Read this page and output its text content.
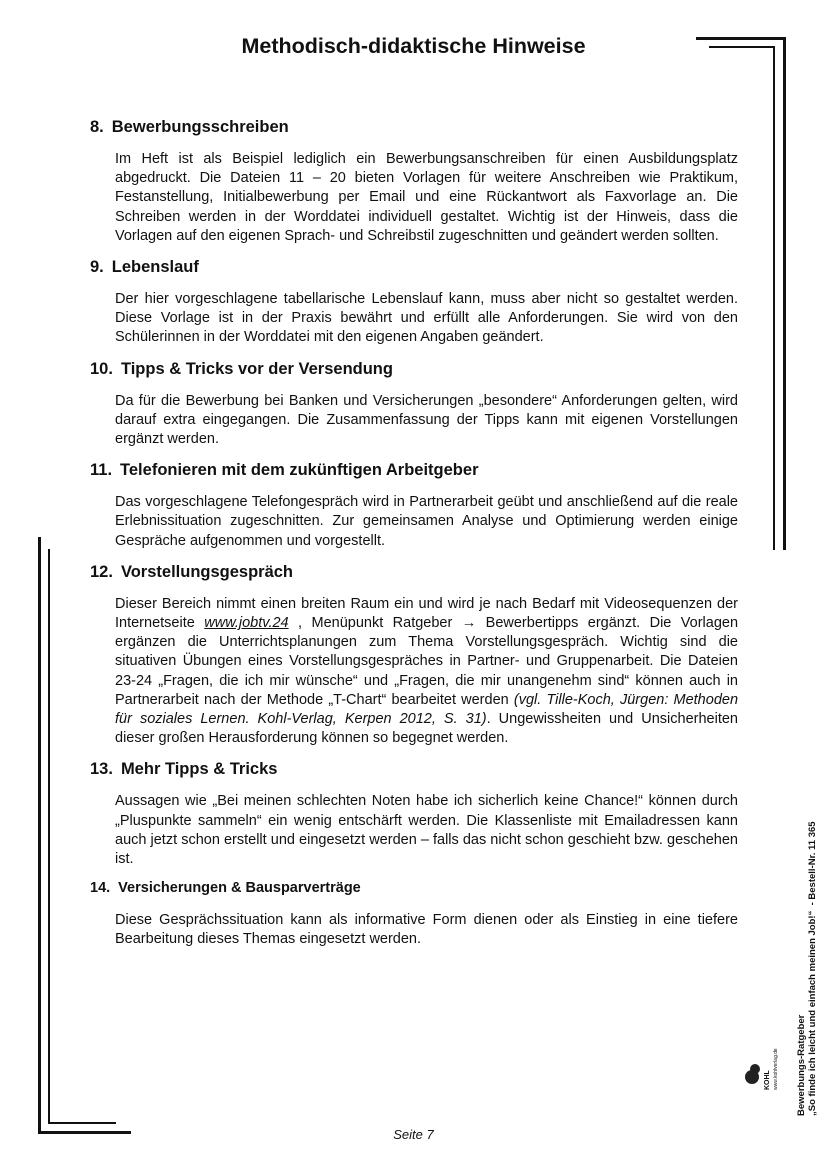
Methodisch-didaktische Hinweise

8. Bewerbungsschreiben

Im Heft ist als Beispiel lediglich ein Bewerbungsanschreiben für einen Ausbildungsplatz abgedruckt. Die Dateien 11 – 20 bieten Vorlagen für weitere Anschreiben wie Praktikum, Festanstellung, Initialbewerbung per Email und eine Rückantwort als Faxvorlage an. Die Schreiben werden in der Worddatei individuell gestaltet. Wichtig ist der Hinweis, dass die Vorlagen auf den eigenen Sprach- und Schreibstil zugeschnitten und geändert werden sollten.

9. Lebenslauf

Der hier vorgeschlagene tabellarische Lebenslauf kann, muss aber nicht so gestaltet werden. Diese Vorlage ist in der Praxis bewährt und erfüllt alle Anforderungen. Sie wird von den Schülerinnen in der Worddatei mit den eigenen Angaben geändert.

10. Tipps & Tricks vor der Versendung

Da für die Bewerbung bei Banken und Versicherungen „besondere“ Anforderungen gelten, wird darauf extra eingegangen. Die Zusammenfassung der Tipps kann mit eigenen Vorstellungen ergänzt werden.

11. Telefonieren mit dem zukünftigen Arbeitgeber

Das vorgeschlagene Telefongespräch wird in Partnerarbeit geübt und anschließend auf die reale Erlebnissituation zugeschnitten. Zur gemeinsamen Analyse und Optimierung werden einige Gespräche aufgenommen und vorgestellt.

12. Vorstellungsgespräch

Dieser Bereich nimmt einen breiten Raum ein und wird je nach Bedarf mit Videosequenzen der Internetseite www.jobtv.24 , Menüpunkt Ratgeber → Bewerbertipps ergänzt. Die Vorlagen ergänzen die Unterrichtsplanungen zum Thema Vorstellungsgespräch. Wichtig sind die situativen Übungen eines Vorstellungsgespräches in Partner- und Gruppenarbeit. Die Dateien 23-24 „Fragen, die ich mir wünsche“ und „Fragen, die mir unangenehm sind“ können auch in Partnerarbeit nach der Methode „T-Chart“ bearbeitet werden (vgl. Tille-Koch, Jürgen: Methoden für soziales Lernen. Kohl-Verlag, Kerpen 2012, S. 31). Ungewissheiten und Unsicherheiten dieser großen Herausforderung können so begegnet werden.

13. Mehr Tipps & Tricks

Aussagen wie „Bei meinen schlechten Noten habe ich sicherlich keine Chance!“ können durch „Pluspunkte sammeln“ ein wenig entschärft werden. Die Klassenliste mit Emailadressen kann auch jetzt schon erstellt und eingesetzt werden – falls das nicht schon geschieht bzw. geschehen ist.

14. Versicherungen & Bausparverträge

Diese Gesprächssituation kann als informative Form dienen oder als Einstieg in eine tiefere Bearbeitung dieses Themas eingesetzt werden.

Bewerbungs-Ratgeber „So finde ich leicht und einfach meinen Job!“  - Bestell-Nr. 11 365
KOHL www.kohlverlag.de
Seite 7
